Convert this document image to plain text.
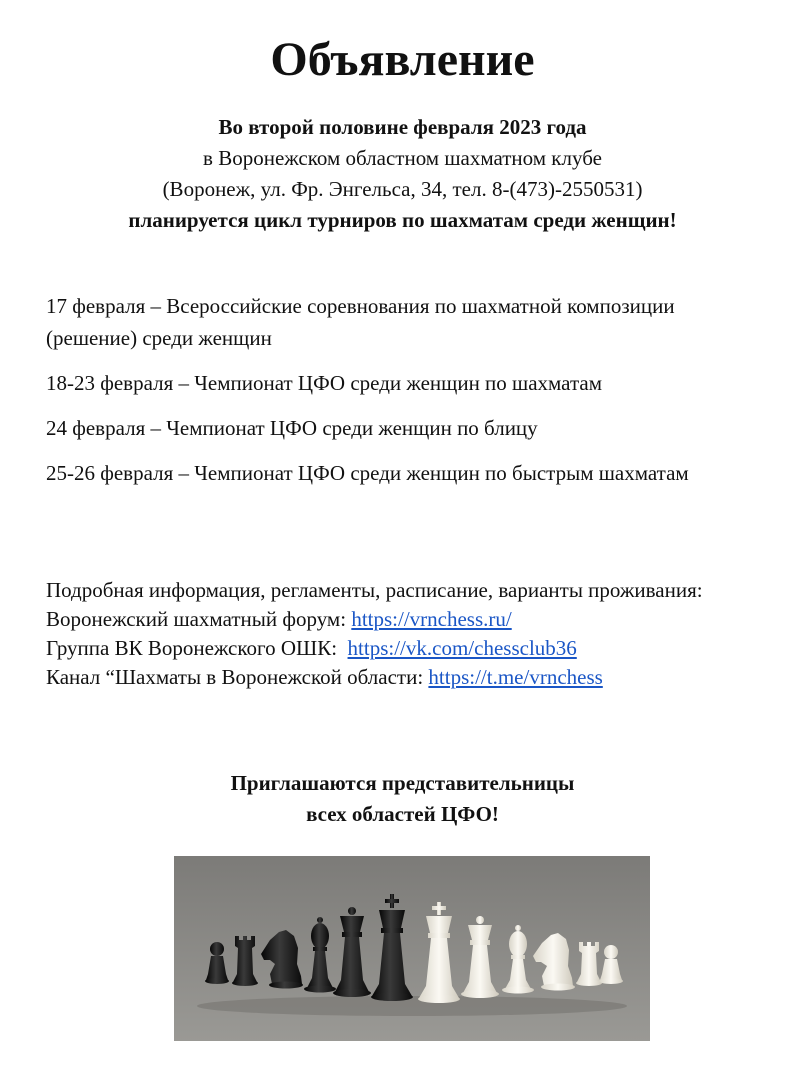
Объявление
Во второй половине февраля 2023 года
в Воронежском областном шахматном клубе
(Воронеж, ул. Фр. Энгельса, 34, тел. 8-(473)-2550531)
планируется цикл турниров по шахматам среди женщин!
17 февраля – Всероссийские соревнования по шахматной композиции (решение) среди женщин
18-23 февраля – Чемпионат ЦФО среди женщин по шахматам
24 февраля – Чемпионат ЦФО среди женщин по блицу
25-26 февраля – Чемпионат ЦФО среди женщин по быстрым шахматам
Подробная информация, регламенты, расписание, варианты проживания:
Воронежский шахматный форум: https://vrnchess.ru/
Группа ВК Воронежского ОШК:  https://vk.com/chessclub36
Канал “Шахматы в Воронежской области: https://t.me/vrnchess
Приглашаются представительницы
всех областей ЦФО!
